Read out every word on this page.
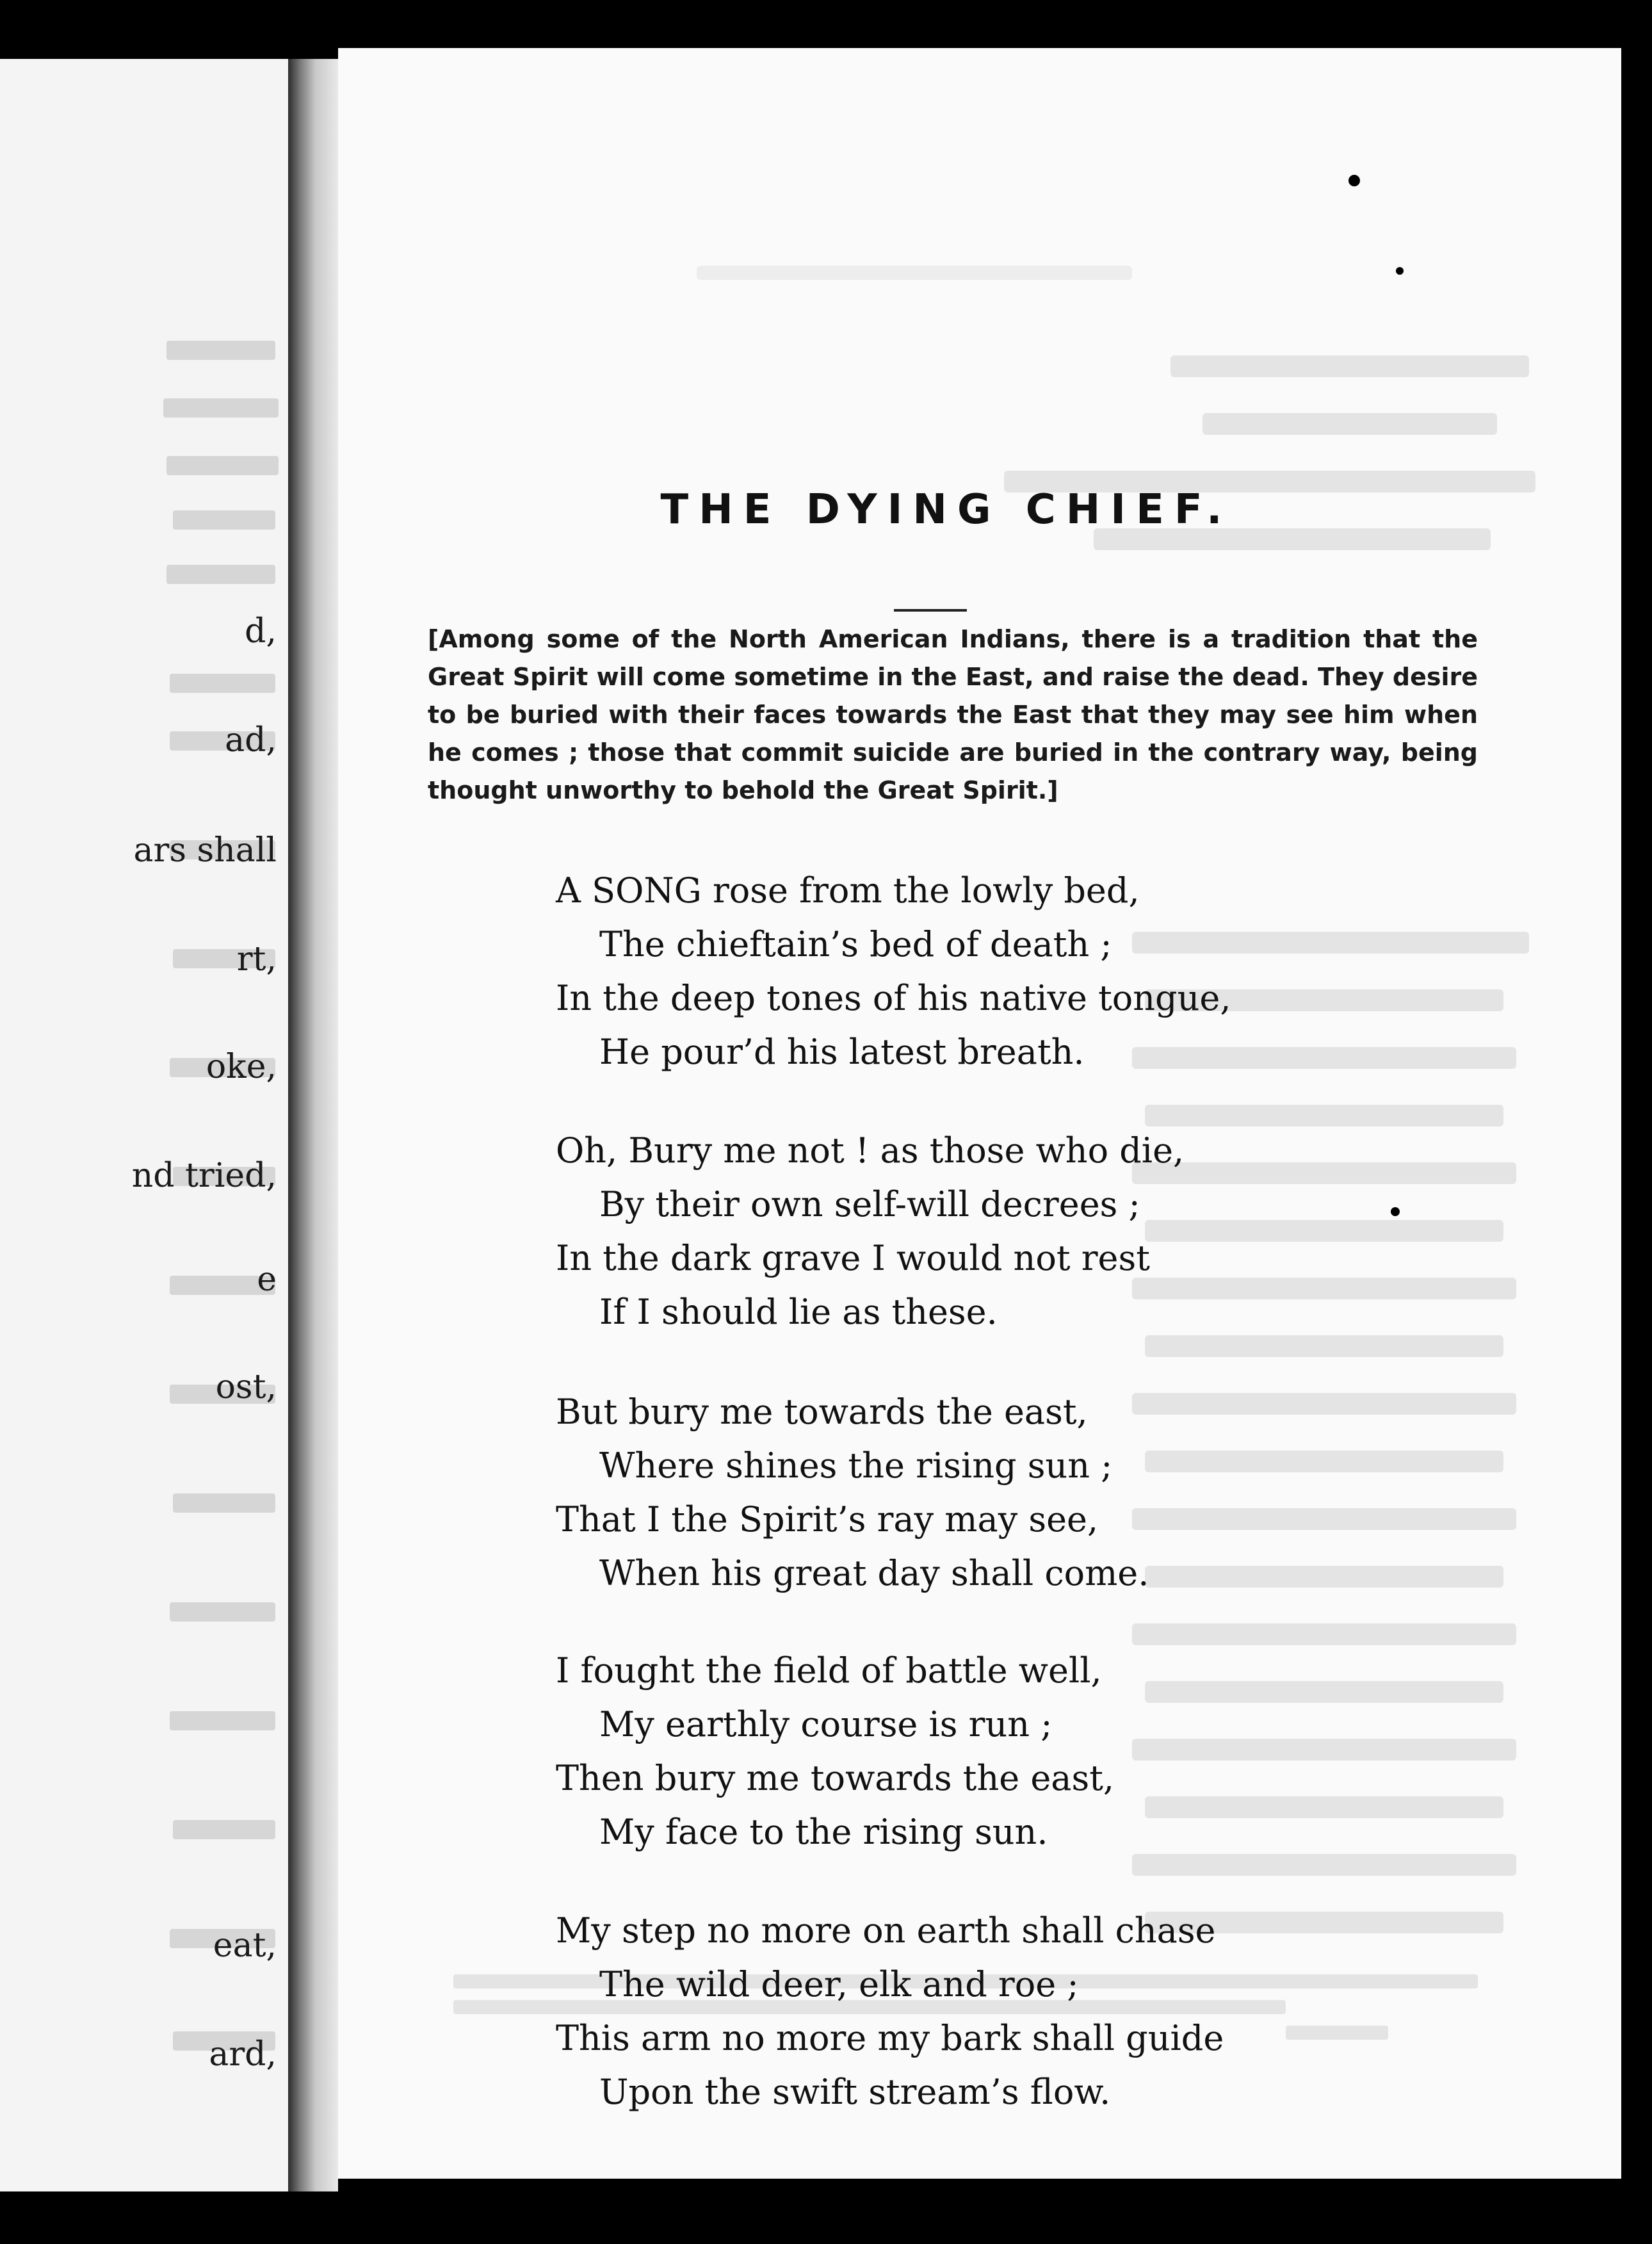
d,
ad,
ars shall
rt,
oke,
nd tried,
e
ost,
eat,
ard,
THE DYING CHIEF.
[Among some of the North American Indians, there is a tradition that the Great Spirit will come sometime in the East, and raise the dead. They desire to be buried with their faces towards the East that they may see him when he comes ; those that commit suicide are buried in the contrary way, being thought unworthy to behold the Great Spirit.]
A SONG rose from the lowly bed,
The chieftain’s bed of death ;
In the deep tones of his native tongue,
He pour’d his latest breath.
Oh, Bury me not ! as those who die,
By their own self-will decrees ;
In the dark grave I would not rest
If I should lie as these.
But bury me towards the east,
Where shines the rising sun ;
That I the Spirit’s ray may see,
When his great day shall come.
I fought the field of battle well,
My earthly course is run ;
Then bury me towards the east,
My face to the rising sun.
My step no more on earth shall chase
The wild deer, elk and roe ;
This arm no more my bark shall guide
Upon the swift stream’s flow.
